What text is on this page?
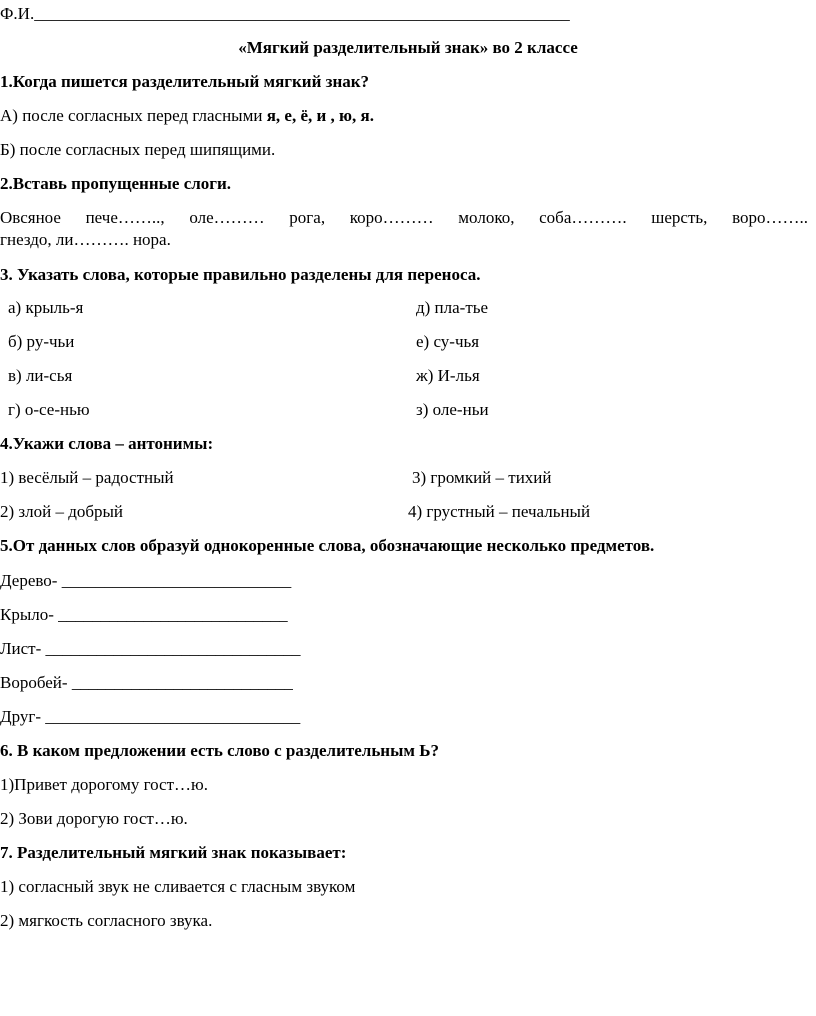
Ф.И._______________________________________________________________
«Мягкий разделительный знак» во 2 классе
1.Когда пишется разделительный мягкий знак?
А) после согласных перед гласными я, е, ё, и , ю, я.
Б) после согласных перед шипящими.
2.Вставь пропущенные слоги.
Овсяное пече…….., оле……… рога, коро……… молоко, соба………. шерсть, воро……..
гнездо, ли………. нора.
3. Указать слова, которые правильно разделены для переноса.
а) крыль-я	д) пла-тье
б) ру-чьи	е) су-чья
в) ли-сья	ж) И-лья
г) о-се-нью	з) оле-ньи
4.Укажи слова – антонимы:
1) весёлый – радостный	3) громкий – тихий
2) злой – добрый	4) грустный – печальный
5.От данных слов образуй однокоренные слова, обозначающие несколько предметов.
Дерево- ___________________________
Крыло- ___________________________
Лист- ______________________________
Воробей- __________________________
Друг- ______________________________
6. В каком предложении есть слово с разделительным Ь?
1)Привет дорогому гост…ю.
2) Зови дорогую гост…ю.
7. Разделительный мягкий знак показывает:
1) согласный звук не сливается с гласным звуком
2) мягкость согласного звука.
